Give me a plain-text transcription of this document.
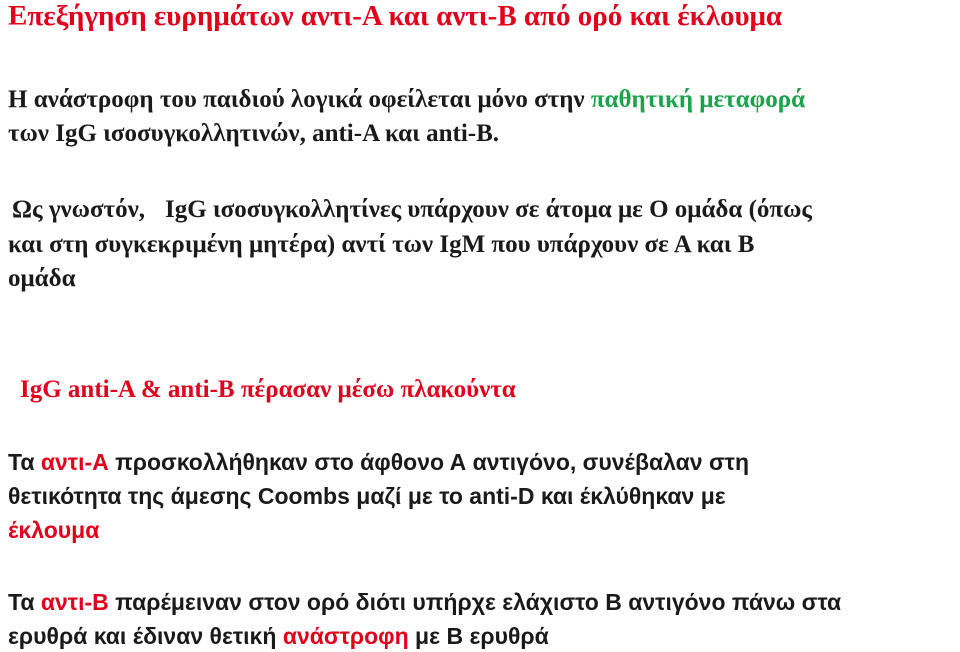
Επεξήγηση ευρημάτων αντι-Α και αντι-Β από ορό και έκλουμα
Η ανάστροφη του παιδιού λογικά οφείλεται μόνο στην παθητική μεταφορά
των IgG ισοσυγκολλητινών, anti-A και anti-B.
Ως γνωστόν, IgG ισοσυγκολλητίνες υπάρχουν σε άτομα με Ο ομάδα (όπως
και στη συγκεκριμένη μητέρα) αντί των IgM που υπάρχουν σε Α και Β
ομάδα
IgG anti-A & anti-B πέρασαν μέσω πλακούντα
Τα αντι-Α προσκολλήθηκαν στο άφθονο Α αντιγόνο, συνέβαλαν στη
θετικότητα της άμεσης Coombs μαζί με το anti-D και έκλύθηκαν με
έκλουμα
Τα αντι-Β παρέμειναν στον ορό διότι υπήρχε ελάχιστο Β αντιγόνο πάνω στα
ερυθρά και έδιναν θετική ανάστροφη με Β ερυθρά
